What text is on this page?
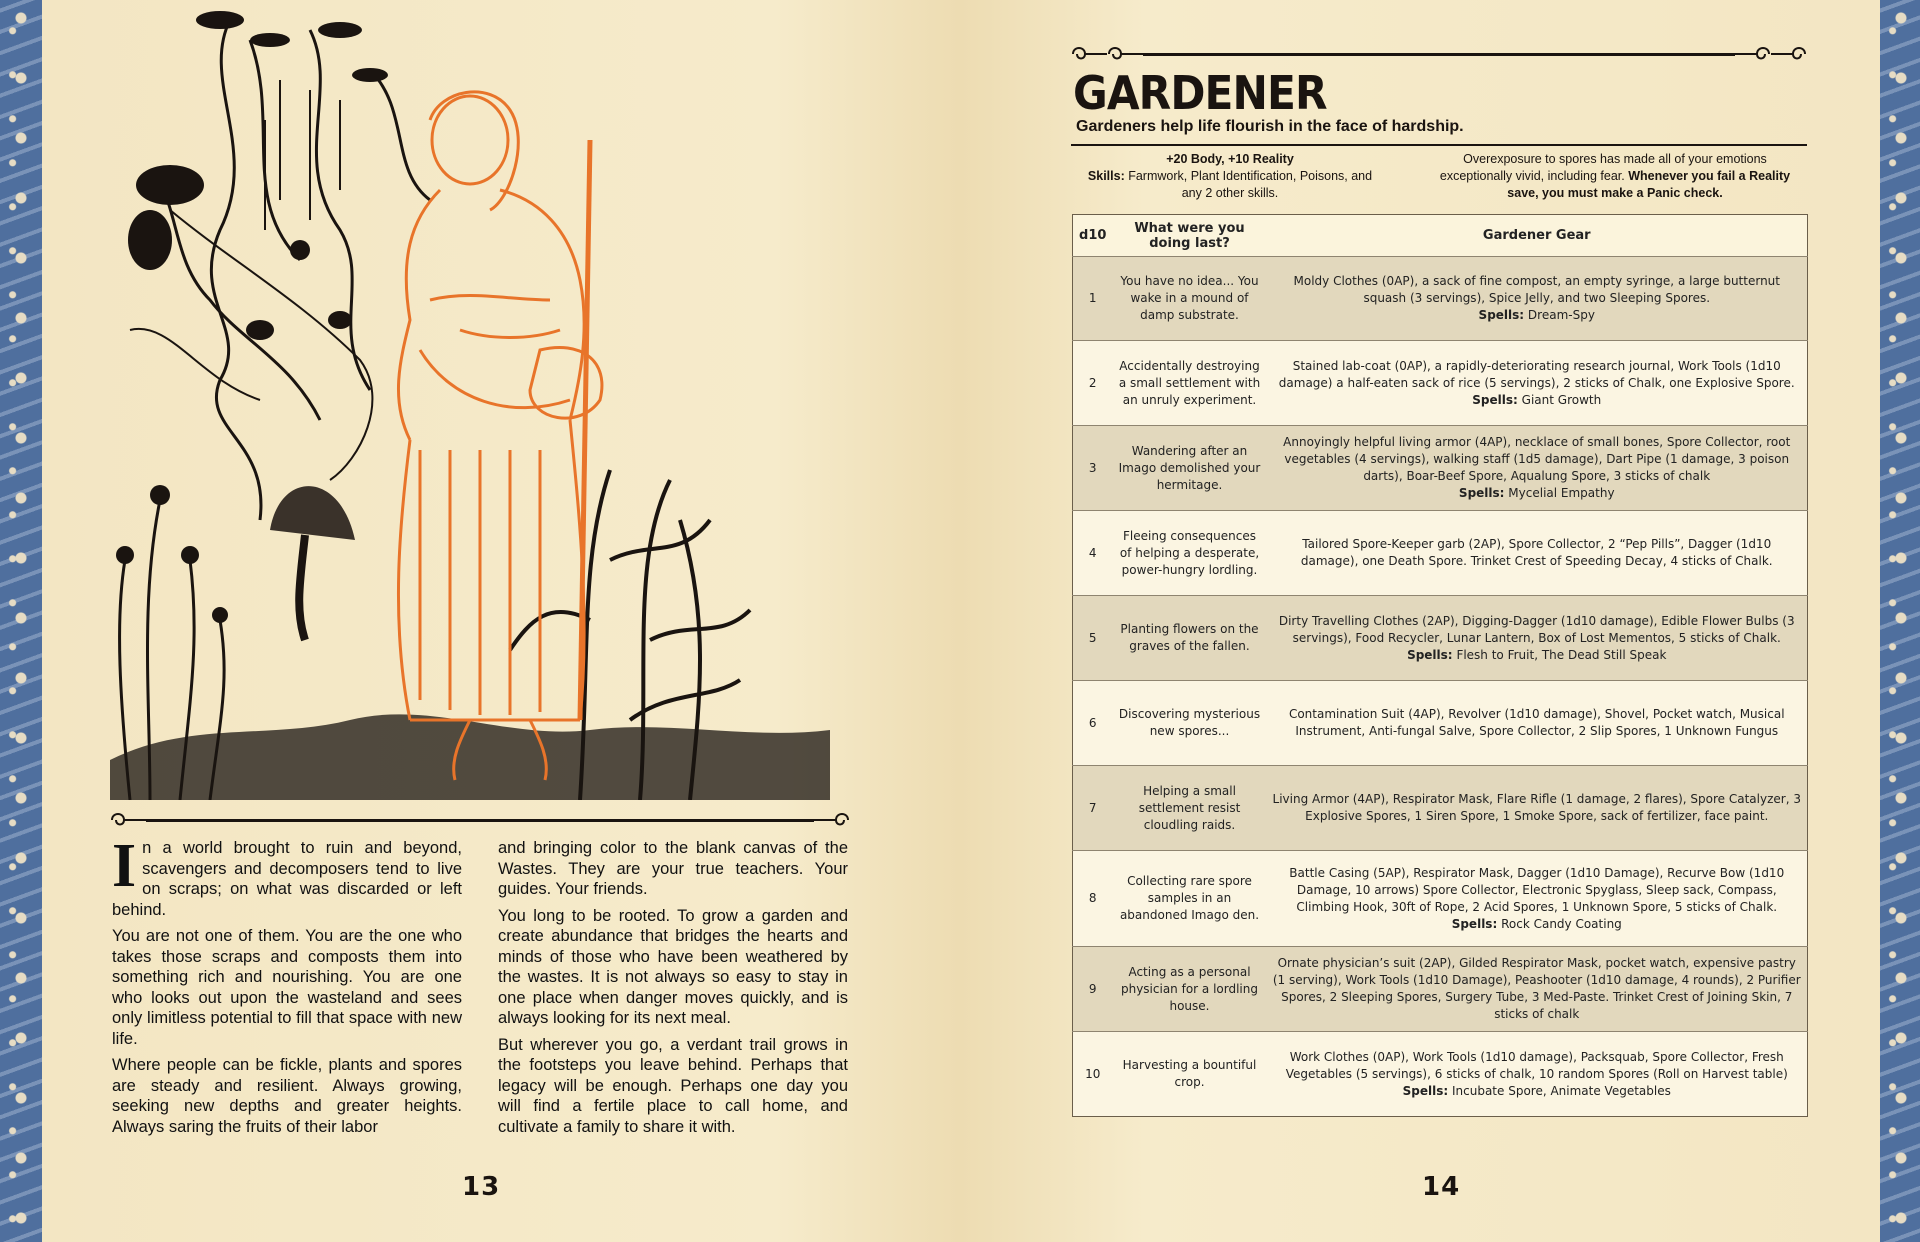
In a world brought to ruin and beyond, scavengers and decomposers tend to live on scraps; on what was discarded or left behind.

You are not one of them. You are the one who takes those scraps and composts them into something rich and nourishing. You are one who looks out upon the wasteland and sees only limitless potential to fill that space with new life.

Where people can be fickle, plants and spores are steady and resilient. Always growing, seeking new depths and greater heights. Always saring the fruits of their labor

and bringing color to the blank canvas of the Wastes. They are your true teachers. Your guides. Your friends.

You long to be rooted. To grow a garden and create abundance that bridges the hearts and minds of those who have been weathered by the wastes. It is not always so easy to stay in one place when danger moves quickly, and is always looking for its next meal.

But wherever you go, a verdant trail grows in the footsteps you leave behind. Perhaps that legacy will be enough. Perhaps one day you will find a fertile place to call home, and cultivate a family to share it with.

13
GARDENER
Gardeners help life flourish in the face of hardship.
+20 Body, +10 Reality
Skills: Farmwork, Plant Identification, Poisons, and any 2 other skills.
Overexposure to spores has made all of your emotions exceptionally vivid, including fear. Whenever you fail a Reality save, you must make a Panic check.
d10	What were you doing last?	Gardener Gear
1	You have no idea... You wake in a mound of damp substrate.	Moldy Clothes (0AP), a sack of fine compost, an empty syringe, a large butternut squash (3 servings), Spice Jelly, and two Sleeping Spores.
Spells: Dream-Spy

2	Accidentally destroying a small settlement with an unruly experiment.	Stained lab-coat (0AP), a rapidly-deteriorating research journal, Work Tools (1d10 damage) a half-eaten sack of rice (5 servings), 2 sticks of Chalk, one Explosive Spore.
Spells: Giant Growth

3	Wandering after an Imago demolished your hermitage.	Annoyingly helpful living armor (4AP), necklace of small bones, Spore Collector, root vegetables (4 servings), walking staff (1d5 damage), Dart Pipe (1 damage, 3 poison darts), Boar-Beef Spore, Aqualung Spore, 3 sticks of chalk
Spells: Mycelial Empathy

4	Fleeing consequences of helping a desperate, power-hungry lordling.	Tailored Spore-Keeper garb (2AP), Spore Collector, 2 “Pep Pills”, Dagger (1d10 damage), one Death Spore. Trinket Crest of Speeding Decay, 4 sticks of Chalk.

5	Planting flowers on the graves of the fallen.	Dirty Travelling Clothes (2AP), Digging-Dagger (1d10 damage), Edible Flower Bulbs (3 servings), Food Recycler, Lunar Lantern, Box of Lost Mementos, 5 sticks of Chalk.
Spells: Flesh to Fruit, The Dead Still Speak

6	Discovering mysterious new spores...	Contamination Suit (4AP), Revolver (1d10 damage), Shovel, Pocket watch, Musical Instrument, Anti-fungal Salve, Spore Collector, 2 Slip Spores, 1 Unknown Fungus

7	Helping a small settlement resist cloudling raids.	Living Armor (4AP), Respirator Mask, Flare Rifle (1 damage, 2 flares), Spore Catalyzer, 3 Explosive Spores, 1 Siren Spore, 1 Smoke Spore, sack of fertilizer, face paint.

8	Collecting rare spore samples in an abandoned Imago den.	Battle Casing (5AP), Respirator Mask, Dagger (1d10 Damage), Recurve Bow (1d10 Damage, 10 arrows) Spore Collector, Electronic Spyglass, Sleep sack, Compass, Climbing Hook, 30ft of Rope, 2 Acid Spores, 1 Unknown Spore, 5 sticks of Chalk.
Spells: Rock Candy Coating

9	Acting as a personal physician for a lordling house.	Ornate physician’s suit (2AP), Gilded Respirator Mask, pocket watch, expensive pastry (1 serving), Work Tools (1d10 Damage), Peashooter (1d10 damage, 4 rounds), 2 Purifier Spores, 2 Sleeping Spores, Surgery Tube, 3 Med-Paste. Trinket Crest of Joining Skin, 7 sticks of chalk

10	Harvesting a bountiful crop.	Work Clothes (0AP), Work Tools (1d10 damage), Packsquab, Spore Collector, Fresh Vegetables (5 servings), 6 sticks of chalk, 10 random Spores (Roll on Harvest table)
Spells: Incubate Spore, Animate Vegetables
14
